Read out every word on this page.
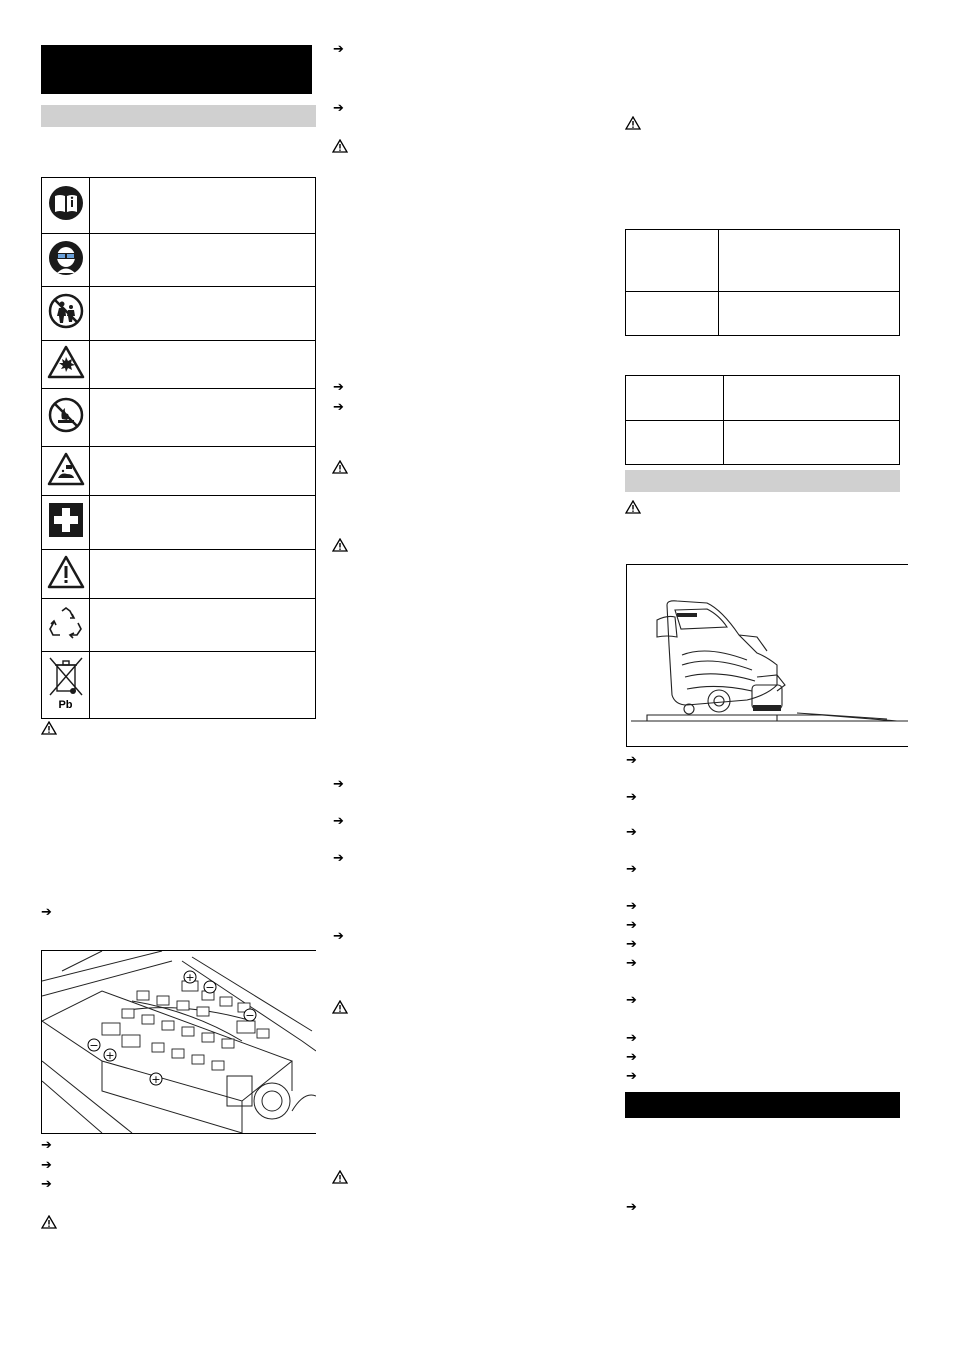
Pb	

➔
+
−
−
−
+
+
➔
➔
➔
➔
➔
➔
➔
➔
➔
➔
➔

➔
➔
➔
➔
➔
➔
➔
➔
➔
➔
➔
➔
➔
